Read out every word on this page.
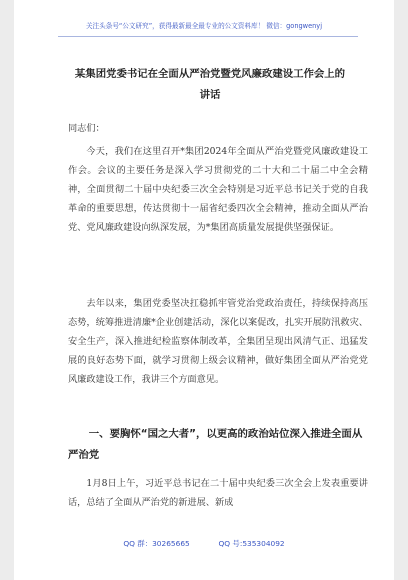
关注头条号“公文研究”，获得最新最全最专业的公文资料库！ 微信：gongwenyj
某集团党委书记在全面从严治党暨党风廉政建设工作会上的讲话
同志们：
今天，我们在这里召开*集团2024年全面从严治党暨党风廉政建设工作会。会议的主要任务是深入学习贯彻党的二十大和二十届二中全会精神，全面贯彻二十届中央纪委三次全会特别是习近平总书记关于党的自我革命的重要思想，传达贯彻十一届省纪委四次全会精神，推动全面从严治党、党风廉政建设向纵深发展，为*集团高质量发展提供坚强保证。
去年以来，集团党委坚决扛稳抓牢管党治党政治责任，持续保持高压态势，统筹推进清廉*企业创建活动，深化以案促改，扎实开展防汛救灾、安全生产，深入推进纪检监察体制改革，全集团呈现出风清气正、迅猛发展的良好态势下面，就学习贯彻上级会议精神，做好集团全面从严治党党风廉政建设工作，我讲三个方面意见。
一、要胸怀“国之大者”，以更高的政治站位深入推进全面从严治党
1月8日上午，习近平总书记在二十届中央纪委三次全会上发表重要讲话，总结了全面从严治党的新进展、新成
QQ 群：30265665	QQ 号:535304092
